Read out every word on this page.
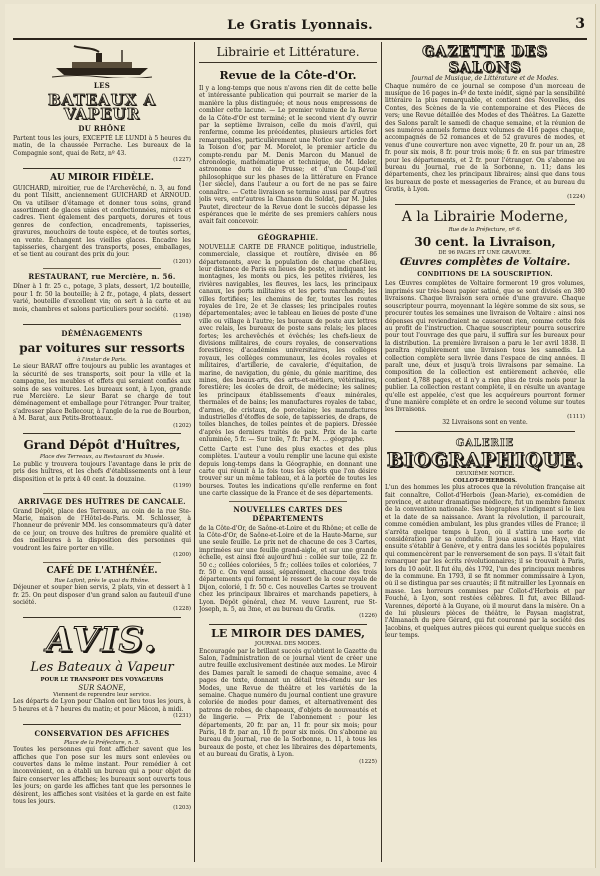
Le Gratis Lyonnais.	3
LES
BATEAUX A VAPEUR
DU RHÔNE

Partent tous les jours, EXCEPTÉ LE LUNDI à 5 heures du matin, de la chaussée Perrache. Les bureaux de la Compagnie sont, quai de Retz, nº 43.

(1227)

AU MIROIR FIDÈLE.

GUICHARD, miroitier, rue de l'Archevêché, n. 3, au fond du pont Tilsitt, anciennement GUICHARD et ARNOUD. On va utiliser d'étamage et donner tous soins, grand assortiment de glaces unies et confectionnées, miroirs et cadres. Tient également des parquets, dorures et tous genres de confection, encadrements, tapisseries, gravures, mouchoirs de toute espèce, et de toutes sortes, en vente. Échangent les vieilles glaces. Encadre les tapisseries, chargent des transports, poses, emballages, et se tient au courant des prix du jour.

(1201)

RESTAURANT, rue Mercière, n. 56.

Dîner à 1 fr. 25 c., potage, 3 plats, dessert, 1/2 bouteille, pour 1 fr. 50 la bouteille; à 2 fr., potage, 4 plats, dessert varié, bouteille d'excellent vin; on sert à la carte et au mois, chambres et salons particuliers pour société.

(1198)

DÉMÉNAGEMENTS
par voitures sur ressorts
à l'instar de Paris.

Le sieur BARAT offre toujours au public les avantages et la sécurité de ses transports, soit pour la ville et la campagne, les meubles et effets qui seraient confiés aux soins de ses voitures. Les bureaux sont, à Lyon, grande rue Mercière. Le sieur Barat se charge de tout déménagement et emballage pour l'étranger. Pour traiter, s'adresser place Bellecour, à l'angle de la rue de Bourbon, à M. Barat, aux Petits-Brotteaux.

(1202)

Grand Dépôt d'Huîtres,
Place des Terreaux, au Restaurant du Musée.

Le public y trouvera toujours l'avantage dans le prix de pris des huîtres, et les chefs d'établissements ont à leur disposition et le prix à 40 cent. la douzaine.

(1199)

ARRIVAGE DES HUÎTRES DE CANCALE.

Grand Dépôt, place des Terreaux, au coin de la rue Ste-Marie, maison de l'Hôtel-de-Paris. M. Schlosser, à l'honneur de prévenir MM. les consommateurs qu'à dater de ce jour, on trouve des huîtres de première qualité et des meilleures à la disposition des personnes qui voudront les faire porter en ville.

(1200)

CAFÉ DE L'ATHÉNÉE.
Rue Lafont, près le quai du Rhône.

Déjeuner et souper bien servis, 2 plats, vin et dessert à 1 fr. 25. On peut disposer d'un grand salon au fauteuil d'une société.

(1228)

AVIS.
Les Bateaux à Vapeur
POUR LE TRANSPORT DES VOYAGEURS
SUR SAONE,
Viennent de reprendre leur service.

Les départs de Lyon pour Chalon ont lieu tous les jours, à 5 heures et à 7 heures du matin; et pour Mâcon, à midi.

(1231)

CONSERVATION DES AFFICHES
Place de la Préfecture, n. 5.

Toutes les personnes qui font afficher savent que les affiches que l'on pose sur les murs sont enlevées ou couvertes dans le même instant. Pour remédier à cet inconvénient, on a établi un bureau qui a pour objet de faire conserver les affiches; les bureaux sont ouverts tous les jours; on garde les affiches tant que les personnes le désirent, les affiches sont visitées et la garde en est faite tous les jours.

(1203)

Librairie et Littérature.
Revue de la Côte-d'Or.

Il y a long-temps que nous n'avons rien dit de cette belle et intéressante publication qui pourrait se marier de la manière la plus distinguée; et nous nous empressons de combler cette lacune. — Le premier volume de la Revue de la Côte-d'Or est terminé; et le second vient d'y ouvrir par la septième livraison, celle du mois d'avril, qui renferme, comme les précédentes, plusieurs articles fort remarquables, particulièrement une Notice sur l'ordre de la Toison d'or, par M. Morelot, le premier article du compte-rendu par M. Denis Marcon du Manuel de chronologie, mathématique et technique, de M. Ideler, astronome du roi de Prusse; et d'un Coup-d'œil philosophique sur les phases de la littérature en France (1er siècle), dans l'auteur a ou fort de ne pas se faire connaître. — Cette livraison se termine aussi par d'autres jolis vers, entr'autres la Chanson du Soldat, par M. Jules Pautet, directeur de la Revue dont le succès dépasse les espérances que le mérite de ses premiers cahiers nous avait fait concevoir.

GÉOGRAPHIE.

NOUVELLE CARTE DE FRANCE politique, industrielle, commerciale, classique et routière, divisée en 86 départements, avec la population de chaque chef-lieu, leur distance de Paris en lieues de poste, et indiquant les montagnes, les monts ou pics, les petites rivières, les rivières navigables, les fleuves, les lacs, les principaux canaux, les ports militaires et les ports marchands; les villes fortifiées; les chemins de fer, toutes les routes royales de 1re, 2e et 3e classes; les principales routes départementales; avec le tableau en lieues de poste d'une ville ou village à l'autre; les bureaux de poste aux lettres avec relais, les bureaux de poste sans relais; les places fortes; les archevêchés et évêchés; les chefs-lieux de divisions militaires, de cours royales, de conservations forestières; d'académies universitaires, les collèges royaux, les collèges communaux, les écoles royales et militaires, d'artillerie, de cavalerie, d'équitation, de marine, de navigation, du génie, du génie maritime, des mines, des beaux-arts, des arts-et-métiers, vétérinaires, forestière; les écoles de droit, de médecine; les salines; les principaux établissements d'eaux minérales, thermales et de bains; les manufactures royales de tabac, d'armes, de cristaux, de porcelaine; les manufactures industrielles d'étoffes de soie, de tapisseries, de draps, de toiles blanches, de toiles peintes et de papiers. Dressée d'après les derniers traités de paix. Prix de la carte enluminée, 5 fr. — Sur toile, 7 fr. Par M. ... géographe.

Cette Carte est l'une des plus exactes et des plus complètes. L'auteur a voulu remplir une lacune qui existe depuis long-temps dans la Géographie, en donnant une carte qui réunit à la fois tous les objets que l'on désire trouver sur un même tableau, et à la portée de toutes les bourses. Toutes les indications qu'elle renferme en font une carte classique de la France et de ses départements.

NOUVELLES CARTES DES DÉPARTEMENTS

de la Côte-d'Or, de Saône-et-Loire et du Rhône; et celle de la Côte-d'Or, de Saône-et-Loire et de la Haute-Marne, sur une seule feuille. Le prix net de chacune de ces 3 Cartes, imprimées sur une feuille grand-aigle, et sur une grande échelle, est ainsi fixé aujourd'hui : collée sur toile, 22 fr. 50 c.; collées coloriées, 5 fr.; collées toiles et coloriées, 7 fr. 50 c. On vend aussi, séparément, chacune des trois départements qui forment le ressort de la cour royale de Dijon, colorié, 1 fr. 50 c. Ces nouvelles Cartes se trouvent chez les principaux libraires et marchands papetiers, à Lyon. Dépôt général, chez M. veuve Laurent, rue St-Joseph, n. 5, au 3me, et au bureau du Gratis.

(1226)

LE MIROIR DES DAMES,
JOURNAL DES MODES.

Encouragée par le brillant succès qu'obtient le Gazette du Salon, l'administration de ce journal vient de créer une autre feuille exclusivement destinée aux modes. Le Miroir des Dames paraît le samedi de chaque semaine, avec 4 pages de texte, donnant un détail très-étendu sur les Modes, une Revue de théâtre et les variétés de la semaine. Chaque numéro du journal contient une gravure coloriée de modes pour dames, et alternativement des patrons de robes, de chapeaux, d'objets de nouveautés et de lingerie. — Prix de l'abonnement : pour les départements, 20 fr. par an, 11 fr. pour six mois; pour Paris, 18 fr. par an, 10 fr. pour six mois. On s'abonne au bureau du Journal, rue de la Sorbonne, n. 11, à tous les bureaux de poste, et chez les libraires des départements, et au bureau du Gratis, à Lyon.

(1225)

GAZETTE DES SALONS
Journal de Musique, de Littérature et de Modes.

Chaque numéro de ce journal se compose d'un morceau de musique de 16 pages in-4º de texte inédit, signé par la sensibilité littéraire la plus remarquable, et contient des Nouvelles, des Contes, des Scènes de la vie contemporaine et des Pièces de vers; une Revue détaillée des Modes et des Théâtres. La Gazette des Salons paraît le samedi de chaque semaine, et la réunion de ses numéros annuels forme deux volumes de 416 pages chaque, accompagnés de 52 romances et de 52 gravures de modes, et venus d'une couverture non avec vignette, 20 fr. pour un an, 28 fr. pour six mois, 8 fr. pour trois mois; 6 fr. en sus par trimestre pour les départements, et 2 fr. pour l'étranger. On s'abonne au bureau du Journal, rue de la Sorbonne, n. 11; dans les départements, chez les principaux libraires; ainsi que dans tous les bureaux de poste et messageries de France, et au bureau du Gratis, à Lyon.

(1224)

A la Librairie Moderne,
Rue de la Préfecture, nº 6.
30 cent. la Livraison,
DE 96 PAGES ET UNE GRAVURE.
Œuvres complètes de Voltaire.
CONDITIONS DE LA SOUSCRIPTION.

Les Œuvres complètes de Voltaire formeront 19 gros volumes, imprimés sur très-beau papier satiné, que se sont divisés en 380 livraisons. Chaque livraison sera ornée d'une gravure. Chaque souscripteur pourra, moyennant la légère somme de six sous, se procurer toutes les semaines une livraison de Voltaire : ainsi nos dépenses qui reviendraient ne causeront rien, comme cette fois au profit de l'instruction. Chaque souscripteur pourra souscrire pour tout l'ouvrage des que paru, il suffira sur les bureaux pour la distribution. La première livraison a paru le 1er avril 1838. Il paraîtra régulièrement une livraison tous les samedis. La collection complète sera livrée dans l'espace de cinq années. Il paraît une, deux et jusqu'à trois livraisons par semaine. La composition de la collection est entièrement achevée, elle contient 4,788 pages, et il n'y a rien plus de trois mois pour la publier. La collection restant complète, il en résulte un avantage qu'elle est appelée, c'est que les acquéreurs pourront former d'une manière complète et en ordre le second volume sur toutes les livraisons.

(1111)

32 Livraisons sont en vente.
GALERIE
BIOGRAPHIQUE.
DEUXIÈME NOTICE.
COLLOT-D'HERBOIS.

L'un des hommes les plus atroces que la révolution française ait fait connaître, Collot-d'Herbois (Jean-Marie), ex-comédien de province, et auteur dramatique médiocre, fut un membre fameux de la convention nationale. Ses biographes s'indignent si le lieu et la date de sa naissance. Avant la révolution, il parcourait, comme comédien ambulant, les plus grandes villes de France; il s'arrêta quelque temps à Lyon, où il s'attira une sorte de considération par sa conduite. Il joua aussi à La Haye, vint ensuite s'établir à Genève, et y entra dans les sociétés populaires qui commencèrent par le renversement de son pays. Il s'était fait remarquer par les écrits révolutionnaires; il se trouvait à Paris, lors du 10 août. Il fut élu, dès 1792, l'un des principaux membres de la commune. En 1793, il se fit nommer commissaire à Lyon, où il se distingua par ses cruautés; il fit mitrailler les Lyonnais en masse. Les horreurs commises par Collot-d'Herbois et par Fouché, à Lyon, sont restées célèbres. Il fut, avec Billaud-Varennes, déporté à la Guyane, où il mourut dans la misère. On a de lui plusieurs pièces de théâtre, le Paysan magistrat, l'Almanach du père Gérard, qui fut couronné par la société des Jacobins, et quelques autres pièces qui eurent quelque succès en leur temps.
